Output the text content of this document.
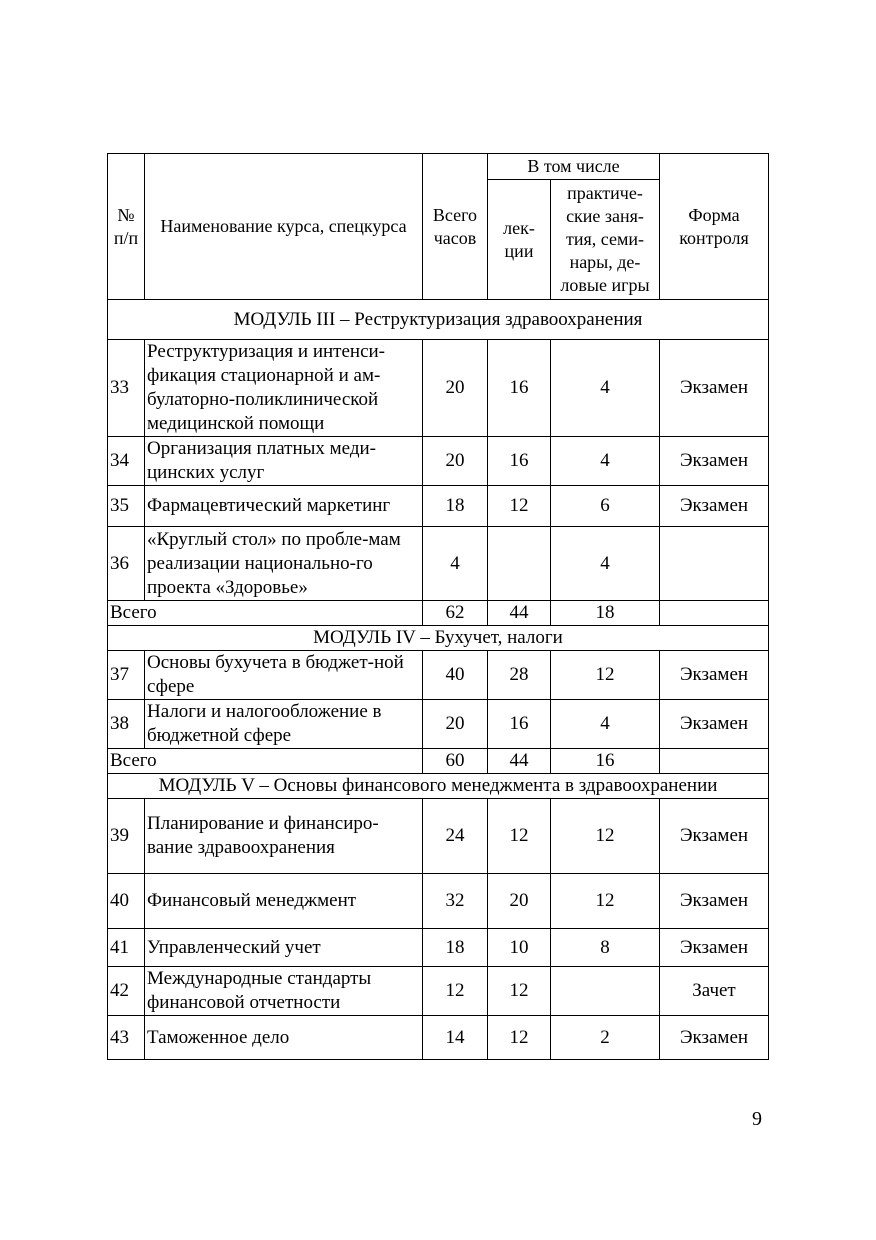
№ п/п	Наименование курса, спецкурса	Всего часов	В том числе		Форма контроля
			лек-ции	практиче-ские заня-тия, семи-нары, де-ловые игры	
МОДУЛЬ III – Реструктуризация здравоохранения					
33	Реструктуризация и интенси-фикация стационарной и ам-булаторно-поликлинической медицинской помощи	20	16	4	Экзамен
34	Организация платных меди-цинских услуг	20	16	4	Экзамен
35	Фармацевтический маркетинг	18	12	6	Экзамен
36	«Круглый стол» по пробле-мам реализации национально-го проекта «Здоровье»	4		4	
Всего		62	44	18	
МОДУЛЬ IV – Бухучет, налоги					
37	Основы бухучета в бюджет-ной сфере	40	28	12	Экзамен
38	Налоги и налогообложение в бюджетной сфере	20	16	4	Экзамен
Всего		60	44	16	
МОДУЛЬ V – Основы финансового менеджмента в здравоохранении					
39	Планирование и финансиро-вание здравоохранения	24	12	12	Экзамен
40	Финансовый менеджмент	32	20	12	Экзамен
41	Управленческий учет	18	10	8	Экзамен
42	Международные стандарты финансовой отчетности	12	12		Зачет
43	Таможенное дело	14	12	2	Экзамен
9
